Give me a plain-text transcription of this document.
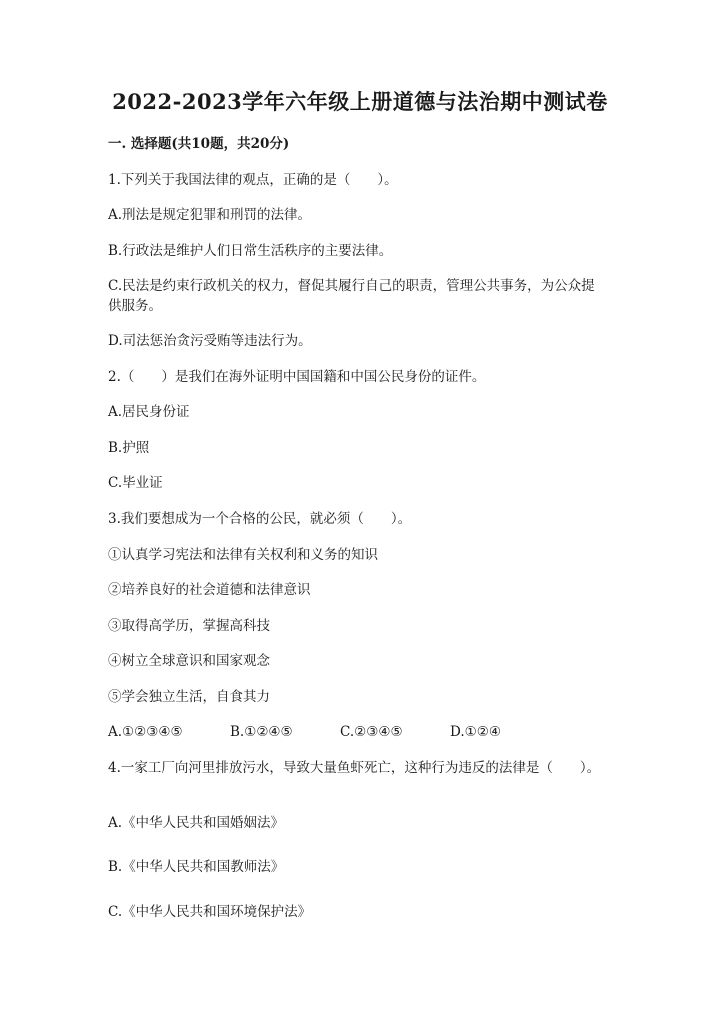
2022-2023学年六年级上册道德与法治期中测试卷
一. 选择题(共10题，共20分)
1.下列关于我国法律的观点，正确的是（　　）。
A.刑法是规定犯罪和刑罚的法律。
B.行政法是维护人们日常生活秩序的主要法律。
C.民法是约束行政机关的权力，督促其履行自己的职责，管理公共事务，为公众提供服务。
D.司法惩治贪污受贿等违法行为。
2.（　　）是我们在海外证明中国国籍和中国公民身份的证件。
A.居民身份证
B.护照
C.毕业证
3.我们要想成为一个合格的公民，就必须（　　）。
①认真学习宪法和法律有关权利和义务的知识
②培养良好的社会道德和法律意识
③取得高学历，掌握高科技
④树立全球意识和国家观念
⑤学会独立生活，自食其力
A.①②③④⑤	B.①②④⑤	C.②③④⑤	D.①②④
4.一家工厂向河里排放污水，导致大量鱼虾死亡，这种行为违反的法律是（　　）。
A.《中华人民共和国婚姻法》
B.《中华人民共和国教师法》
C.《中华人民共和国环境保护法》
